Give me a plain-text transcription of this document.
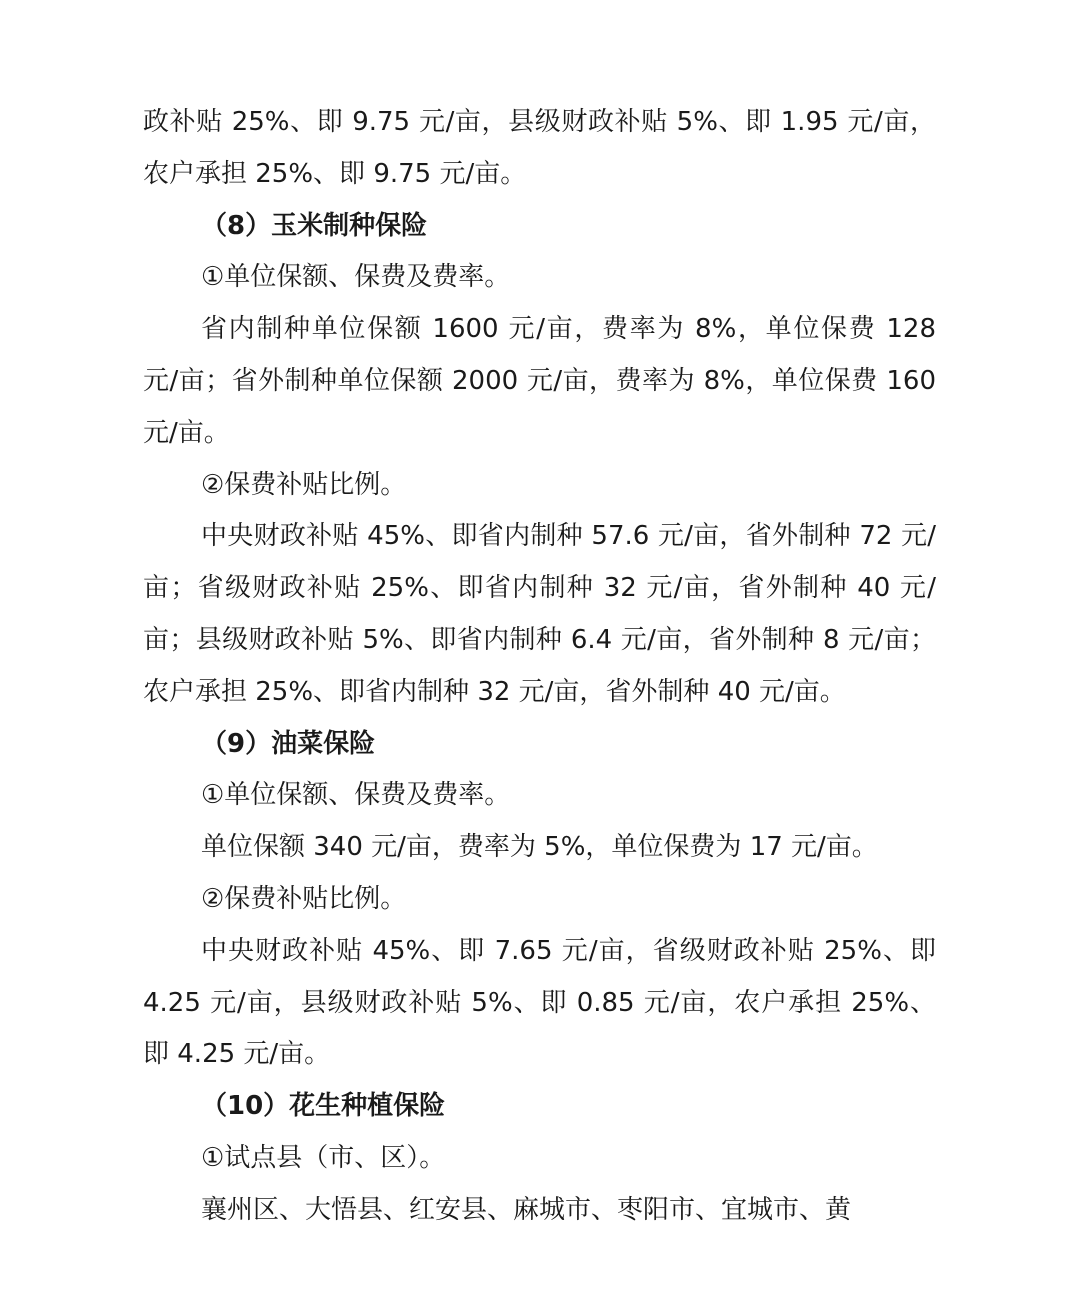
政补贴 25%、即 9.75 元/亩，县级财政补贴 5%、即 1.95 元/亩，农户承担 25%、即 9.75 元/亩。

（8）玉米制种保险

①单位保额、保费及费率。

省内制种单位保额 1600 元/亩，费率为 8%，单位保费 128 元/亩；省外制种单位保额 2000 元/亩，费率为 8%，单位保费 160 元/亩。

②保费补贴比例。

中央财政补贴 45%、即省内制种 57.6 元/亩，省外制种 72 元/亩；省级财政补贴 25%、即省内制种 32 元/亩，省外制种 40 元/亩；县级财政补贴 5%、即省内制种 6.4 元/亩，省外制种 8 元/亩；农户承担 25%、即省内制种 32 元/亩，省外制种 40 元/亩。

（9）油菜保险

①单位保额、保费及费率。

单位保额 340 元/亩，费率为 5%，单位保费为 17 元/亩。

②保费补贴比例。

中央财政补贴 45%、即 7.65 元/亩，省级财政补贴 25%、即 4.25 元/亩，县级财政补贴 5%、即 0.85 元/亩，农户承担 25%、即 4.25 元/亩。

（10）花生种植保险

①试点县（市、区）。

襄州区、大悟县、红安县、麻城市、枣阳市、宜城市、黄
